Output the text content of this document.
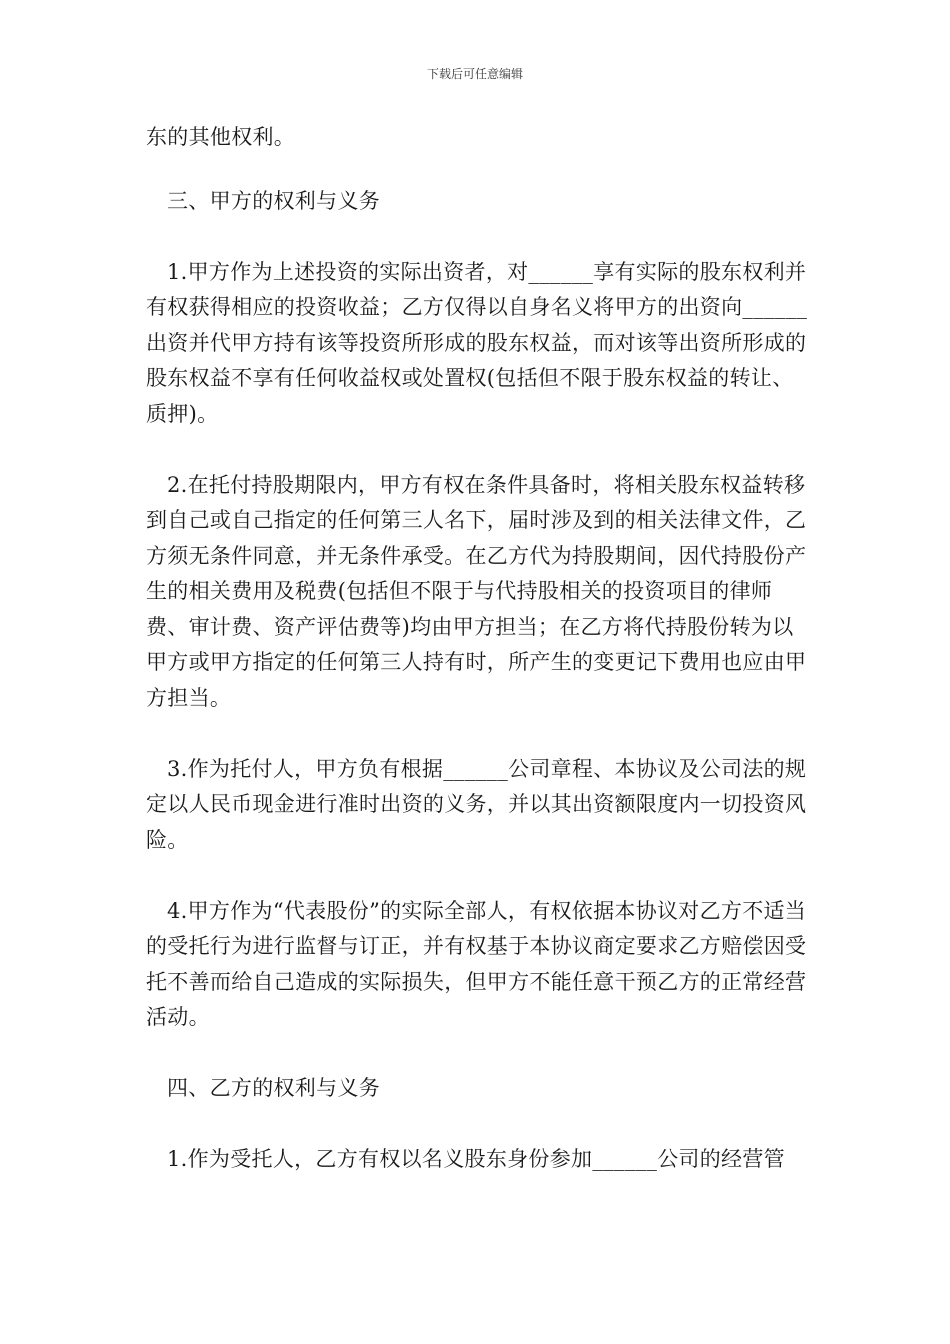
下载后可任意编辑

东的其他权利。

三、甲方的权利与义务

1.甲方作为上述投资的实际出资者，对______享有实际的股东权利并有权获得相应的投资收益；乙方仅得以自身名义将甲方的出资向______出资并代甲方持有该等投资所形成的股东权益，而对该等出资所形成的股东权益不享有任何收益权或处置权(包括但不限于股东权益的转让、质押)。

2.在托付持股期限内，甲方有权在条件具备时，将相关股东权益转移到自己或自己指定的任何第三人名下，届时涉及到的相关法律文件，乙方须无条件同意，并无条件承受。在乙方代为持股期间，因代持股份产生的相关费用及税费(包括但不限于与代持股相关的投资项目的律师费、审计费、资产评估费等)均由甲方担当；在乙方将代持股份转为以甲方或甲方指定的任何第三人持有时，所产生的变更记下费用也应由甲方担当。

3.作为托付人，甲方负有根据______公司章程、本协议及公司法的规定以人民币现金进行准时出资的义务，并以其出资额限度内一切投资风险。

4.甲方作为“代表股份”的实际全部人，有权依据本协议对乙方不适当的受托行为进行监督与订正，并有权基于本协议商定要求乙方赔偿因受托不善而给自己造成的实际损失，但甲方不能任意干预乙方的正常经营活动。

四、乙方的权利与义务

1.作为受托人，乙方有权以名义股东身份参加______公司的经营管
